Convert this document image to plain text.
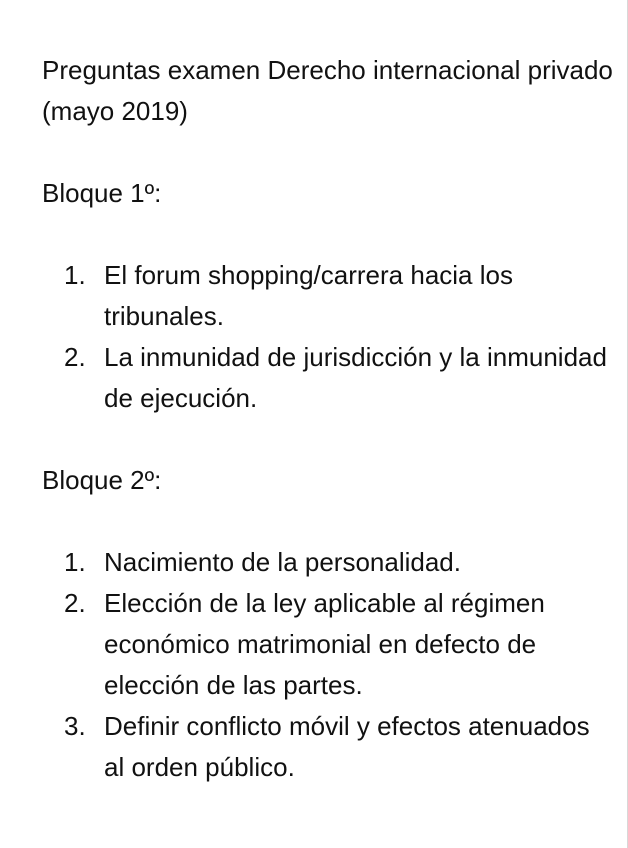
Preguntas examen Derecho internacional privado (mayo 2019)

Bloque 1º:

1. El forum shopping/carrera hacia los tribunales.
2. La inmunidad de jurisdicción y la inmunidad de ejecución.

Bloque 2º:

1. Nacimiento de la personalidad.
2. Elección de la ley aplicable al régimen económico matrimonial en defecto de elección de las partes.
3. Definir conflicto móvil y efectos atenuados al orden público.
